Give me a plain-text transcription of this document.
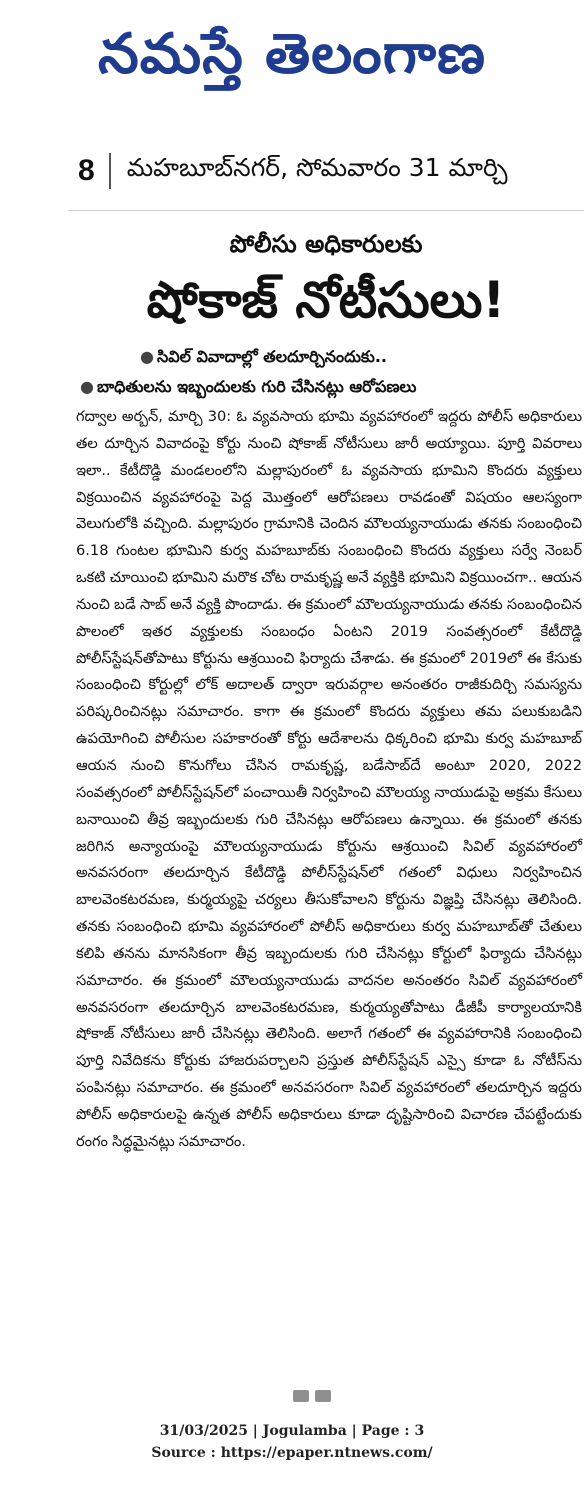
నమస్తే తెలంగాణ
8 మహబూబ్‌నగర్, సోమవారం 31 మార్చి
పోలీసు అధికారులకు
షోకాజ్ నోటీసులు!
● సివిల్ వివాదాల్లో తలదూర్చినందుకు..
● బాధితులను ఇబ్బందులకు గురి చేసినట్లు ఆరోపణలు
గద్వాల అర్బన్, మార్చి 30: ఓ వ్యవసాయ భూమి వ్యవహారంలో ఇద్దరు పోలీస్ అధికారులు తల దూర్చిన వివాదంపై కోర్టు నుంచి షోకాజ్ నోటీసులు జారీ అయ్యాయి. పూర్తి వివరాలు ఇలా.. కేటీదొడ్డి మండలంలోని మల్లాపురంలో ఓ వ్యవసాయ భూమిని కొందరు వ్యక్తులు విక్రయించిన వ్యవహారంపై పెద్ద మొత్తంలో ఆరోపణలు రావడంతో విషయం ఆలస్యంగా వెలుగులోకి వచ్చింది. మల్లాపురం గ్రామానికి చెందిన మౌలయ్యనాయుడు తనకు సంబంధించి 6.18 గుంటల భూమిని కుర్వ మహబూబ్‌కు సంబంధించి కొందరు వ్యక్తులు సర్వే నెంబర్ ఒకటి చూయించి భూమిని మరొక చోట రామకృష్ణ అనే వ్యక్తికి భూమిని విక్రయించగా.. ఆయన నుంచి బడే సాబ్ అనే వ్యక్తి పొందాడు. ఈ క్రమంలో మౌలయ్యనాయుడు తనకు సంబంధించిన పొలంలో ఇతర వ్యక్తులకు సంబంధం ఏంటని 2019 సంవత్సరంలో కేటీదొడ్డి పోలీస్‌స్టేషన్‌తోపాటు కోర్టును ఆశ్రయించి ఫిర్యాదు చేశాడు. ఈ క్రమంలో 2019లో ఈ కేసుకు సంబంధించి కోర్టుల్లో లోక్ అదాలత్ ద్వారా ఇరువర్గాల అనంతరం రాజీకుదిర్చి సమస్యను పరిష్కరించినట్లు సమాచారం. కాగా ఈ క్రమంలో కొందరు వ్యక్తులు తమ పలుకుబడిని ఉపయోగించి పోలీసుల సహకారంతో కోర్టు ఆదేశాలను ధిక్కరించి భూమి కుర్వ మహబూబ్ ఆయన నుంచి కొనుగోలు చేసిన రామకృష్ణ, బడేసాబ్‌దే అంటూ 2020, 2022 సంవత్సరంలో పోలీస్‌స్టేషన్‌లో పంచాయితీ నిర్వహించి మౌలయ్య నాయుడుపై అక్రమ కేసులు బనాయించి తీవ్ర ఇబ్బందులకు గురి చేసినట్లు ఆరోపణలు ఉన్నాయి. ఈ క్రమంలో తనకు జరిగిన అన్యాయంపై మౌలయ్యనాయుడు కోర్టును ఆశ్రయించి సివిల్ వ్యవహారంలో అనవసరంగా తలదూర్చిన కేటీదొడ్డి పోలీస్‌స్టేషన్‌లో గతంలో విధులు నిర్వహించిన బాలవెంకటరమణ, కుర్మయ్యపై చర్యలు తీసుకోవాలని కోర్టును విజ్ఞప్తి చేసినట్లు తెలిసింది. తనకు సంబంధించి భూమి వ్యవహారంలో పోలీస్ అధికారులు కుర్వ మహబూబ్‌తో చేతులు కలిపి తనను మానసికంగా తీవ్ర ఇబ్బందులకు గురి చేసినట్లు కోర్టులో ఫిర్యాదు చేసినట్లు సమాచారం. ఈ క్రమంలో మౌలయ్యనాయుడు వాదనల అనంతరం సివిల్ వ్యవహారంలో అనవసరంగా తలదూర్చిన బాలవెంకటరమణ, కుర్మయ్యతోపాటు డీజీపీ కార్యాలయానికి షోకాజ్ నోటీసులు జారీ చేసినట్లు తెలిసింది. అలాగే గతంలో ఈ వ్యవహారానికి సంబంధించి పూర్తి నివేదికను కోర్టుకు హాజరుపర్చాలని ప్రస్తుత పోలీస్‌స్టేషన్ ఎస్సై కూడా ఓ నోటీస్‌ను పంపినట్లు సమాచారం. ఈ క్రమంలో అనవసరంగా సివిల్ వ్యవహారంలో తలదూర్చిన ఇద్దరు పోలీస్ అధికారులపై ఉన్నత పోలీస్ అధికారులు కూడా దృష్టిసారించి విచారణ చేపట్టేందుకు రంగం సిద్ధమైనట్లు సమాచారం.
31/03/2025 | Jogulamba | Page : 3
Source : https://epaper.ntnews.com/
